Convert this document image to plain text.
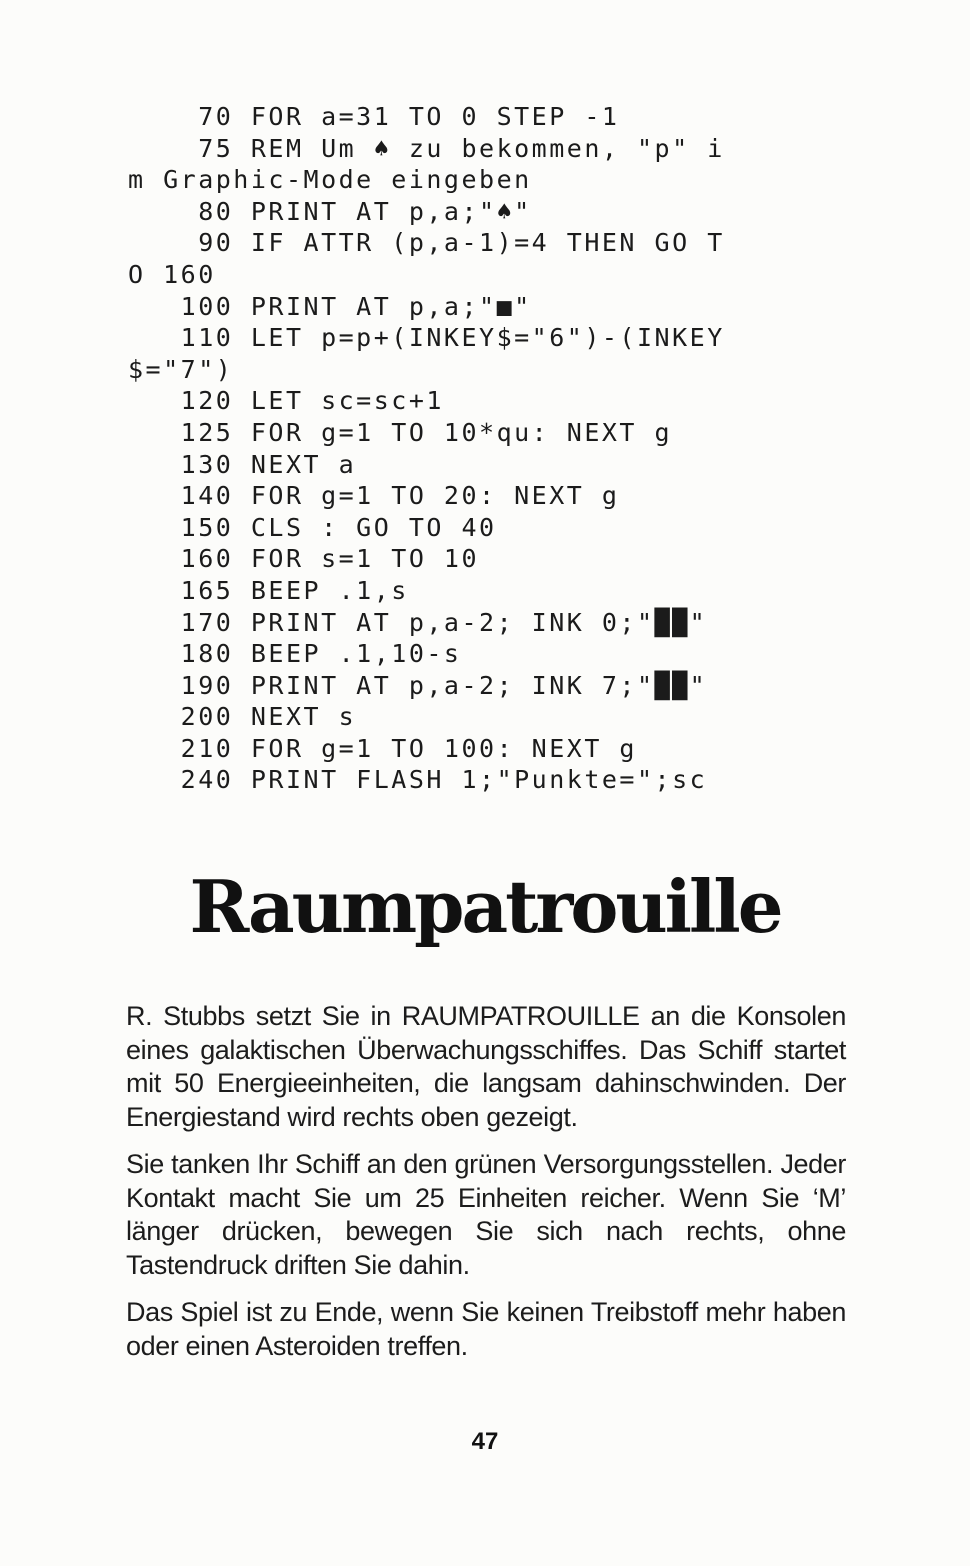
70 FOR a=31 TO 0 STEP -1
75 REM Um ♠ zu bekommen, "p" i
m Graphic-Mode eingeben
80 PRINT AT p,a;"♠"
90 IF ATTR (p,a-1)=4 THEN GO T
O 160
100 PRINT AT p,a;"■"
110 LET p=p+(INKEY$="6")-(INKEY
$="7")
120 LET sc=sc+1
125 FOR g=1 TO 10*qu: NEXT g
130 NEXT a
140 FOR g=1 TO 20: NEXT g
150 CLS : GO TO 40
160 FOR s=1 TO 10
165 BEEP .1,s
170 PRINT AT p,a-2; INK 0;"██"
180 BEEP .1,10-s
190 PRINT AT p,a-2; INK 7;"██"
200 NEXT s
210 FOR g=1 TO 100: NEXT g
240 PRINT FLASH 1;"Punkte=";sc
Raumpatrouille

R. Stubbs setzt Sie in RAUMPATROUILLE an die Konsolen eines galaktischen Überwachungsschiffes. Das Schiff startet mit 50 Energieeinheiten, die langsam dahinschwinden. Der Energiestand wird rechts oben gezeigt.

Sie tanken Ihr Schiff an den grünen Versorgungsstellen. Jeder Kontakt macht Sie um 25 Einheiten reicher. Wenn Sie ‘M’ länger drücken, bewegen Sie sich nach rechts, ohne Tastendruck driften Sie dahin.

Das Spiel ist zu Ende, wenn Sie keinen Treibstoff mehr haben oder einen Asteroiden treffen.

47
